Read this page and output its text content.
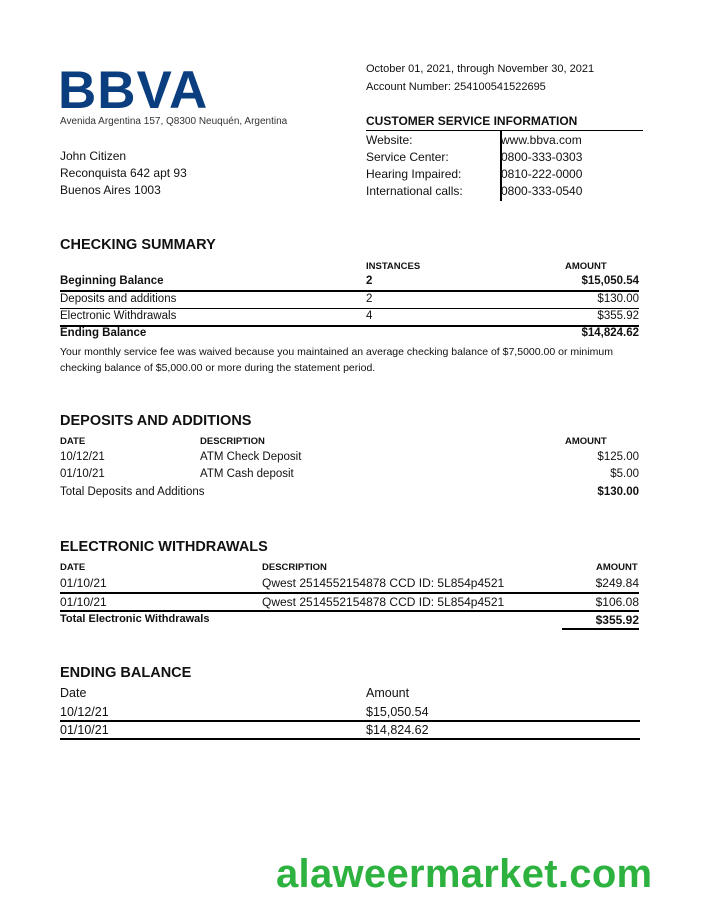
BBVA
Avenida Argentina 157, Q8300 Neuquén, Argentina
John Citizen
Reconquista 642 apt 93
Buenos Aires 1003
October 01, 2021, through November 30, 2021
Account Number: 254100541522695
CUSTOMER SERVICE INFORMATION
Website:	www.bbva.com
Service Center:	0800-333-0303
Hearing Impaired:	0810-222-0000
International calls:	0800-333-0540
CHECKING SUMMARY
INSTANCES	AMOUNT
Beginning Balance	2	$15,050.54
Deposits and additions	2	$130.00
Electronic Withdrawals	4	$355.92
Ending Balance	$14,824.62
Your monthly service fee was waived because you maintained an average checking balance of $7,5000.00 or minimum
checking balance of $5,000.00 or more during the statement period.
DEPOSITS AND ADDITIONS
DATE	DESCRIPTION	AMOUNT
10/12/21	ATM Check Deposit	$125.00
01/10/21	ATM Cash deposit	$5.00
Total Deposits and Additions	$130.00
ELECTRONIC WITHDRAWALS
DATE	DESCRIPTION	AMOUNT
01/10/21	Qwest 2514552154878 CCD ID: 5L854p4521	$249.84
01/10/21	Qwest 2514552154878 CCD ID: 5L854p4521	$106.08
Total Electronic Withdrawals	$355.92
ENDING BALANCE
Date	Amount
10/12/21	$15,050.54
01/10/21	$14,824.62
alaweermarket.com
